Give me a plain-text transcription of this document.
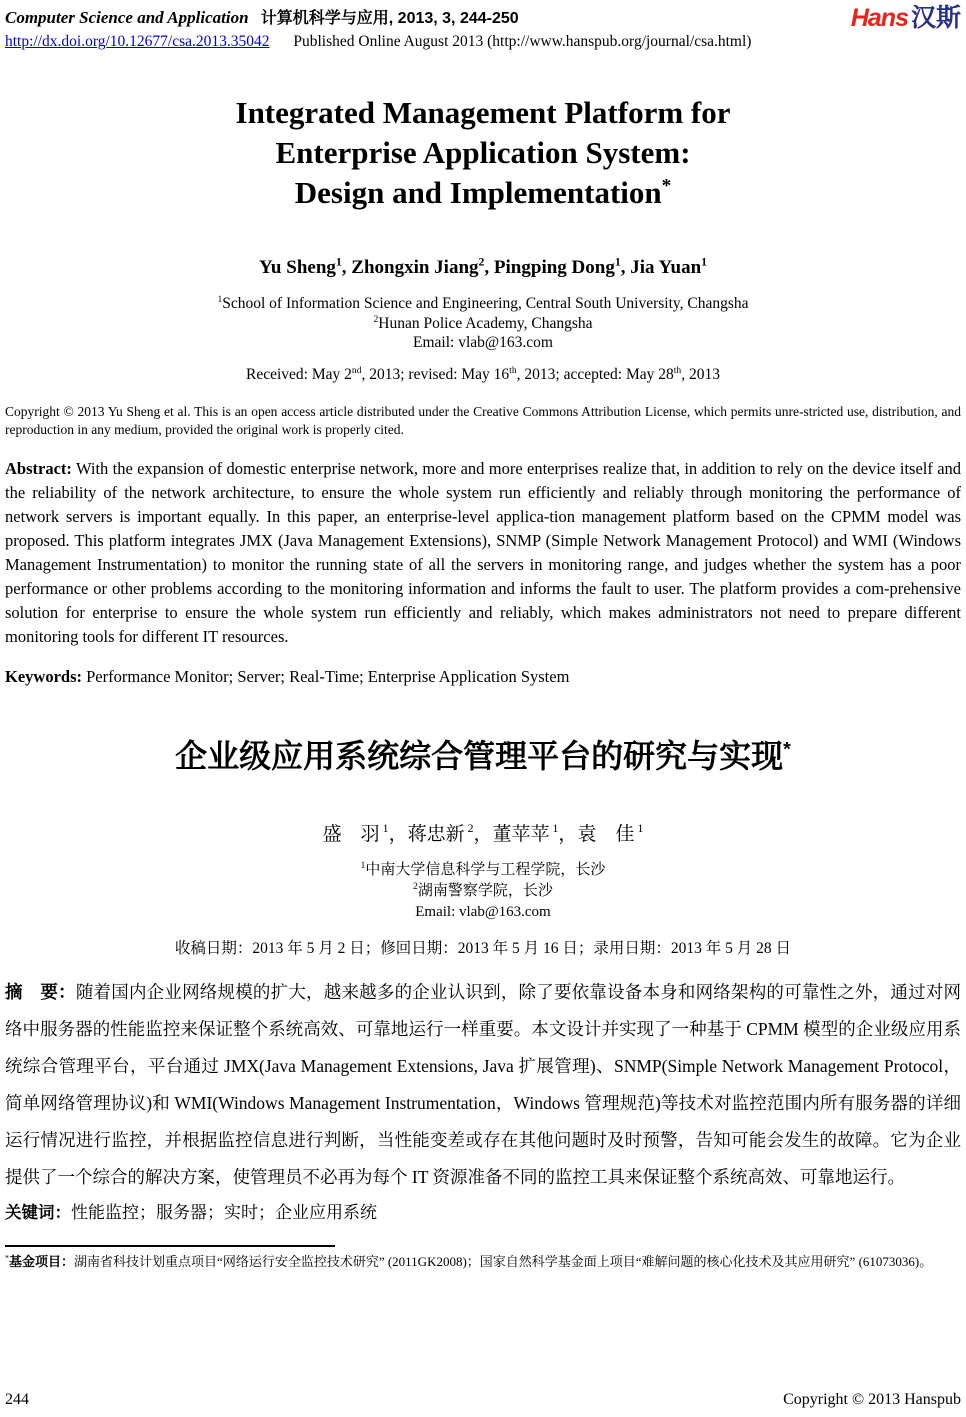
Computer Science and Application 计算机科学与应用, 2013, 3, 244-250
http://dx.doi.org/10.12677/csa.2013.35042 Published Online August 2013 (http://www.hanspub.org/journal/csa.html)
Hans 汉斯
Integrated Management Platform for
Enterprise Application System:
Design and Implementation*
Yu Sheng$^1$, Zhongxin Jiang$^2$, Pingping Dong$^1$, Jia Yuan$^1$
$^1$School of Information Science and Engineering, Central South University, Changsha
$^2$Hunan Police Academy, Changsha
Email: vlab@163.com
Received: May 2nd, 2013; revised: May 16th, 2013; accepted: May 28th, 2013

Copyright © 2013 Yu Sheng et al. This is an open access article distributed under the Creative Commons Attribution License, which permits unre-stricted use, distribution, and reproduction in any medium, provided the original work is properly cited.

Abstract: With the expansion of domestic enterprise network, more and more enterprises realize that, in addition to rely on the device itself and the reliability of the network architecture, to ensure the whole system run efficiently and reliably through monitoring the performance of network servers is important equally. In this paper, an enterprise-level applica-tion management platform based on the CPMM model was proposed. This platform integrates JMX (Java Management Extensions), SNMP (Simple Network Management Protocol) and WMI (Windows Management Instrumentation) to monitor the running state of all the servers in monitoring range, and judges whether the system has a poor performance or other problems according to the monitoring information and informs the fault to user. The platform provides a com-prehensive solution for enterprise to ensure the whole system run efficiently and reliably, which makes administrators not need to prepare different monitoring tools for different IT resources.

Keywords: Performance Monitor; Server; Real-Time; Enterprise Application System

企业级应用系统综合管理平台的研究与实现*
盛　羽 $^1$，蒋忠新 $^2$，董苹苹 $^1$，袁　佳 $^1$
$^1$中南大学信息科学与工程学院，长沙
$^2$湖南警察学院，长沙
Email: vlab@163.com
收稿日期：2013 年 5 月 2 日；修回日期：2013 年 5 月 16 日；录用日期：2013 年 5 月 28 日

摘　要：随着国内企业网络规模的扩大，越来越多的企业认识到，除了要依靠设备本身和网络架构的可靠性之外，通过对网络中服务器的性能监控来保证整个系统高效、可靠地运行一样重要。本文设计并实现了一种基于 CPMM 模型的企业级应用系统综合管理平台，平台通过 JMX(Java Management Extensions, Java 扩展管理)、SNMP(Simple Network Management Protocol，简单网络管理协议)和 WMI(Windows Management Instrumentation，Windows 管理规范)等技术对监控范围内所有服务器的详细运行情况进行监控，并根据监控信息进行判断，当性能变差或存在其他问题时及时预警，告知可能会发生的故障。它为企业提供了一个综合的解决方案，使管理员不必再为每个 IT 资源准备不同的监控工具来保证整个系统高效、可靠地运行。

关键词：性能监控；服务器；实时；企业应用系统

*基金项目：湖南省科技计划重点项目“网络运行安全监控技术研究” (2011GK2008)；国家自然科学基金面上项目“难解问题的核心化技术及其应用研究” (61073036)。

244	Copyright © 2013 Hanspub
